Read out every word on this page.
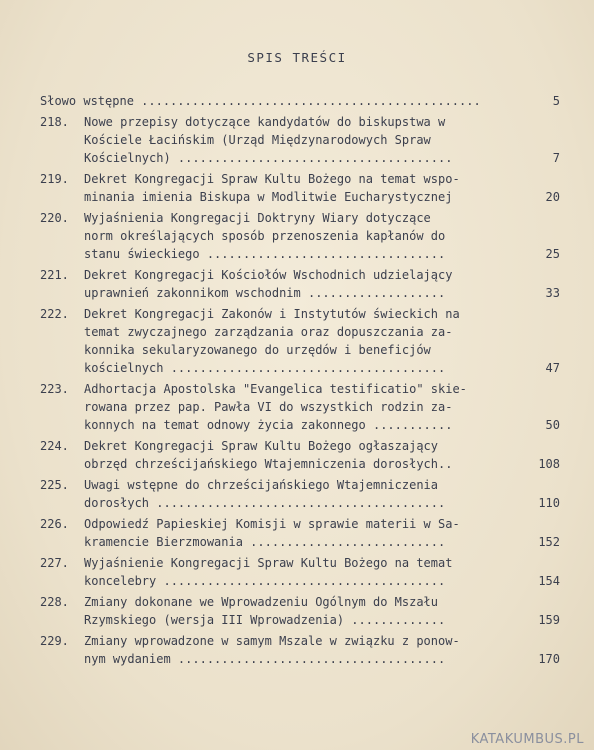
SPIS TREŚCI
Słowo wstępne ...............................................	5
218. Nowe przepisy dotyczące kandydatów do biskupstwa w
Kościele Łacińskim (Urząd Międzynarodowych Spraw
Kościelnych) ......................................	7
219. Dekret Kongregacji Spraw Kultu Bożego na temat wspo-
minania imienia Biskupa w Modlitwie Eucharystycznej	20
220. Wyjaśnienia Kongregacji Doktryny Wiary dotyczące
norm określających sposób przenoszenia kapłanów do
stanu świeckiego .................................	25
221. Dekret Kongregacji Kościołów Wschodnich udzielający
uprawnień zakonnikom wschodnim ...................	33
222. Dekret Kongregacji Zakonów i Instytutów świeckich na
temat zwyczajnego zarządzania oraz dopuszczania za-
konnika sekularyzowanego do urzędów i beneficjów
kościelnych ......................................	47
223. Adhortacja Apostolska "Evangelica testificatio" skie-
rowana przez pap. Pawła VI do wszystkich rodzin za-
konnych na temat odnowy życia zakonnego ...........	50
224. Dekret Kongregacji Spraw Kultu Bożego ogłaszający
obrzęd chrześcijańskiego Wtajemniczenia dorosłych..	108
225. Uwagi wstępne do chrześcijańskiego Wtajemniczenia
dorosłych ........................................	110
226. Odpowiedź Papieskiej Komisji w sprawie materii w Sa-
kramencie Bierzmowania ...........................	152
227. Wyjaśnienie Kongregacji Spraw Kultu Bożego na temat
koncelebry .......................................	154
228. Zmiany dokonane we Wprowadzeniu Ogólnym do Mszału
Rzymskiego (wersja III Wprowadzenia) .............	159
229. Zmiany wprowadzone w samym Mszale w związku z ponow-
nym wydaniem .....................................	170
KATAKUMBUS.PL
